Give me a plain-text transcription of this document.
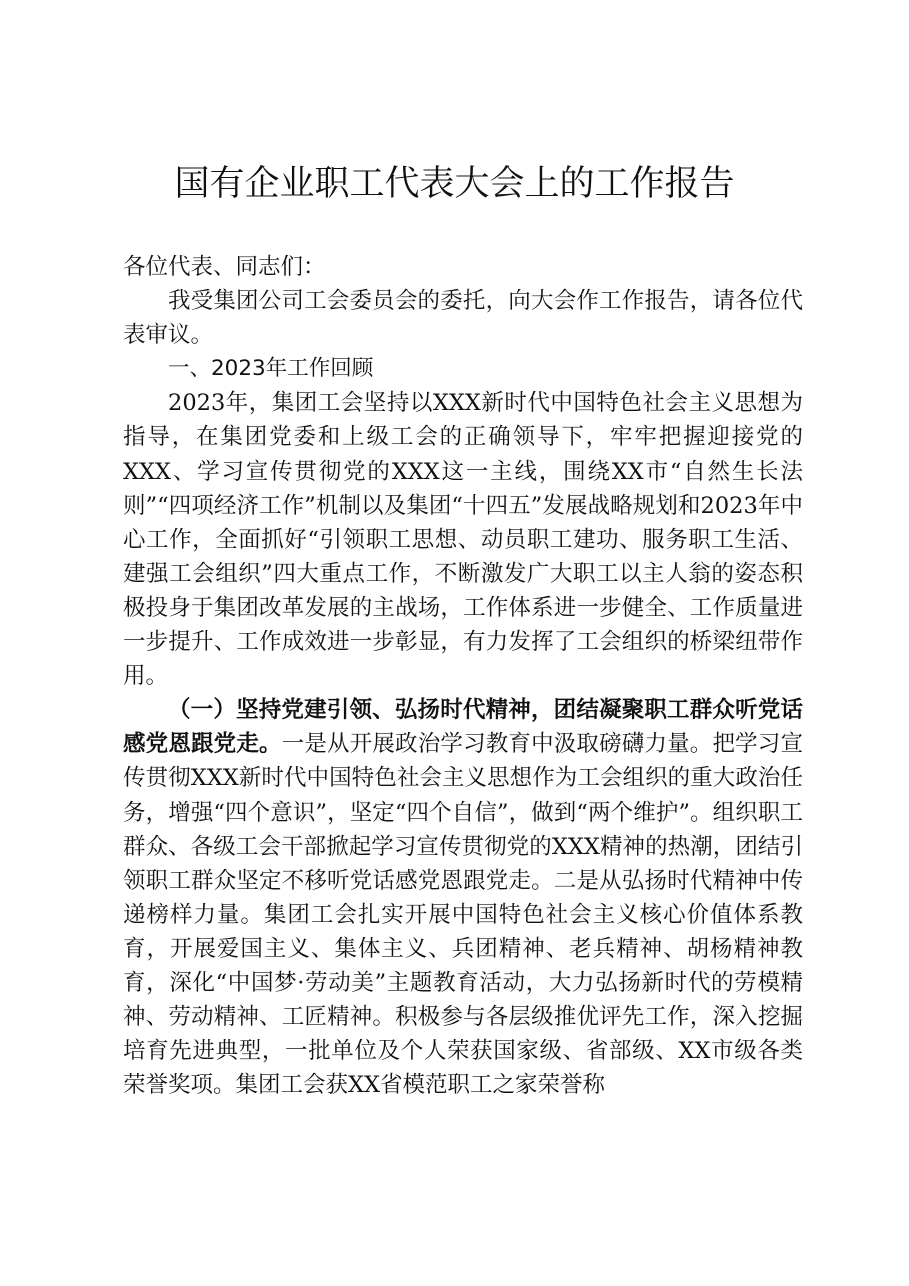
国有企业职工代表大会上的工作报告

各位代表、同志们：

我受集团公司工会委员会的委托，向大会作工作报告，请各位代表审议。

一、2023年工作回顾

2023年，集团工会坚持以XXX新时代中国特色社会主义思想为指导，在集团党委和上级工会的正确领导下，牢牢把握迎接党的XXX、学习宣传贯彻党的XXX这一主线，围绕XX市“自然生长法则”“四项经济工作”机制以及集团“十四五”发展战略规划和2023年中心工作，全面抓好“引领职工思想、动员职工建功、服务职工生活、建强工会组织”四大重点工作，不断激发广大职工以主人翁的姿态积极投身于集团改革发展的主战场，工作体系进一步健全、工作质量进一步提升、工作成效进一步彰显，有力发挥了工会组织的桥梁纽带作用。

（一）坚持党建引领、弘扬时代精神，团结凝聚职工群众听党话感党恩跟党走。一是从开展政治学习教育中汲取磅礴力量。把学习宣传贯彻XXX新时代中国特色社会主义思想作为工会组织的重大政治任务，增强“四个意识”，坚定“四个自信”，做到“两个维护”。组织职工群众、各级工会干部掀起学习宣传贯彻党的XXX精神的热潮，团结引领职工群众坚定不移听党话感党恩跟党走。二是从弘扬时代精神中传递榜样力量。集团工会扎实开展中国特色社会主义核心价值体系教育，开展爱国主义、集体主义、兵团精神、老兵精神、胡杨精神教育，深化“中国梦·劳动美”主题教育活动，大力弘扬新时代的劳模精神、劳动精神、工匠精神。积极参与各层级推优评先工作，深入挖掘培育先进典型，一批单位及个人荣获国家级、省部级、XX市级各类荣誉奖项。集团工会获XX省模范职工之家荣誉称
